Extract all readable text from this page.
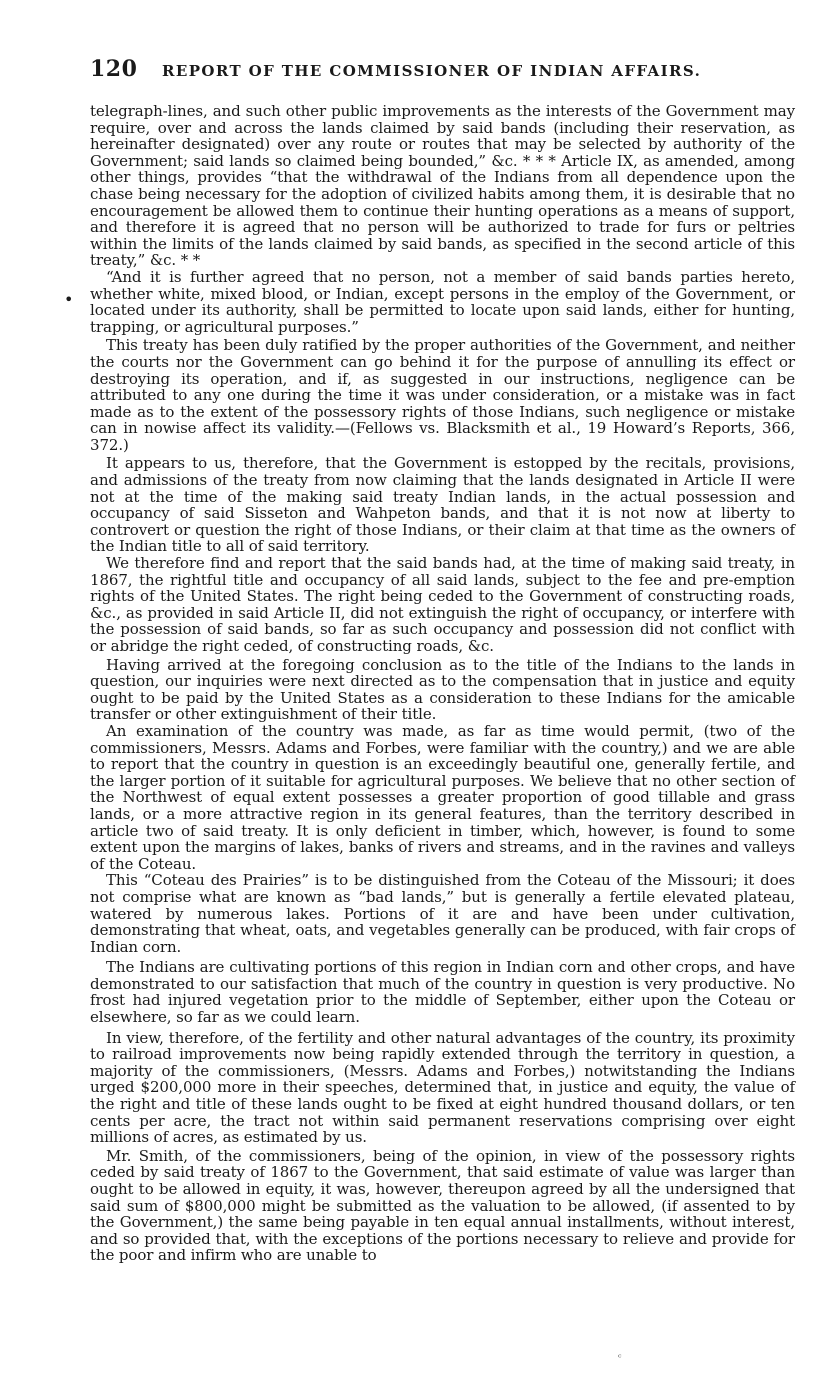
120 REPORT OF THE COMMISSIONER OF INDIAN AFFAIRS.
•

telegraph-lines, and such other public improvements as the interests of the Government may require, over and across the lands claimed by said bands (including their reservation, as hereinafter designated) over any route or routes that may be selected by authority of the Government; said lands so claimed being bounded,” &c. * * * Article IX, as amended, among other things, provides “that the withdrawal of the Indians from all dependence upon the chase being necessary for the adoption of civilized habits among them, it is desirable that no encouragement be allowed them to continue their hunting operations as a means of support, and therefore it is agreed that no person will be authorized to trade for furs or peltries within the limits of the lands claimed by said bands, as specified in the second article of this treaty,” &c. * *

“And it is further agreed that no person, not a member of said bands parties hereto, whether white, mixed blood, or Indian, except persons in the employ of the Government, or located under its authority, shall be permitted to locate upon said lands, either for hunting, trapping, or agricultural purposes.”

This treaty has been duly ratified by the proper authorities of the Government, and neither the courts nor the Government can go behind it for the purpose of annulling its effect or destroying its operation, and if, as suggested in our instructions, negligence can be attributed to any one during the time it was under consideration, or a mistake was in fact made as to the extent of the possessory rights of those Indians, such negligence or mistake can in nowise affect its validity.—(Fellows vs. Blacksmith et al., 19 Howard’s Reports, 366, 372.)

It appears to us, therefore, that the Government is estopped by the recitals, provisions, and admissions of the treaty from now claiming that the lands designated in Article II were not at the time of the making said treaty Indian lands, in the actual possession and occupancy of said Sisseton and Wahpeton bands, and that it is not now at liberty to controvert or question the right of those Indians, or their claim at that time as the owners of the Indian title to all of said territory.

We therefore find and report that the said bands had, at the time of making said treaty, in 1867, the rightful title and occupancy of all said lands, subject to the fee and pre-emption rights of the United States. The right being ceded to the Government of constructing roads, &c., as provided in said Article II, did not extinguish the right of occupancy, or interfere with the possession of said bands, so far as such occupancy and possession did not conflict with or abridge the right ceded, of constructing roads, &c.

Having arrived at the foregoing conclusion as to the title of the Indians to the lands in question, our inquiries were next directed as to the compensation that in justice and equity ought to be paid by the United States as a consideration to these Indians for the amicable transfer or other extinguishment of their title.

An examination of the country was made, as far as time would permit, (two of the commissioners, Messrs. Adams and Forbes, were familiar with the country,) and we are able to report that the country in question is an exceedingly beautiful one, generally fertile, and the larger portion of it suitable for agricultural purposes. We believe that no other section of the Northwest of equal extent possesses a greater proportion of good tillable and grass lands, or a more attractive region in its general features, than the territory described in article two of said treaty. It is only deficient in timber, which, however, is found to some extent upon the margins of lakes, banks of rivers and streams, and in the ravines and valleys of the Coteau.

This “Coteau des Prairies” is to be distinguished from the Coteau of the Missouri; it does not comprise what are known as “bad lands,” but is generally a fertile elevated plateau, watered by numerous lakes. Portions of it are and have been under cultivation, demonstrating that wheat, oats, and vegetables generally can be produced, with fair crops of Indian corn.

The Indians are cultivating portions of this region in Indian corn and other crops, and have demonstrated to our satisfaction that much of the country in question is very productive. No frost had injured vegetation prior to the middle of September, either upon the Coteau or elsewhere, so far as we could learn.

In view, therefore, of the fertility and other natural advantages of the country, its proximity to railroad improvements now being rapidly extended through the territory in question, a majority of the commissioners, (Messrs. Adams and Forbes,) notwitstanding the Indians urged $200,000 more in their speeches, determined that, in justice and equity, the value of the right and title of these lands ought to be fixed at eight hundred thousand dollars, or ten cents per acre, the tract not within said permanent reservations comprising over eight millions of acres, as estimated by us.

Mr. Smith, of the commissioners, being of the opinion, in view of the possessory rights ceded by said treaty of 1867 to the Government, that said estimate of value was larger than ought to be allowed in equity, it was, however, thereupon agreed by all the undersigned that said sum of $800,000 might be submitted as the valuation to be allowed, (if assented to by the Government,) the same being payable in ten equal annual installments, without interest, and so provided that, with the exceptions of the portions necessary to relieve and provide for the poor and infirm who are unable to

ᶜ
